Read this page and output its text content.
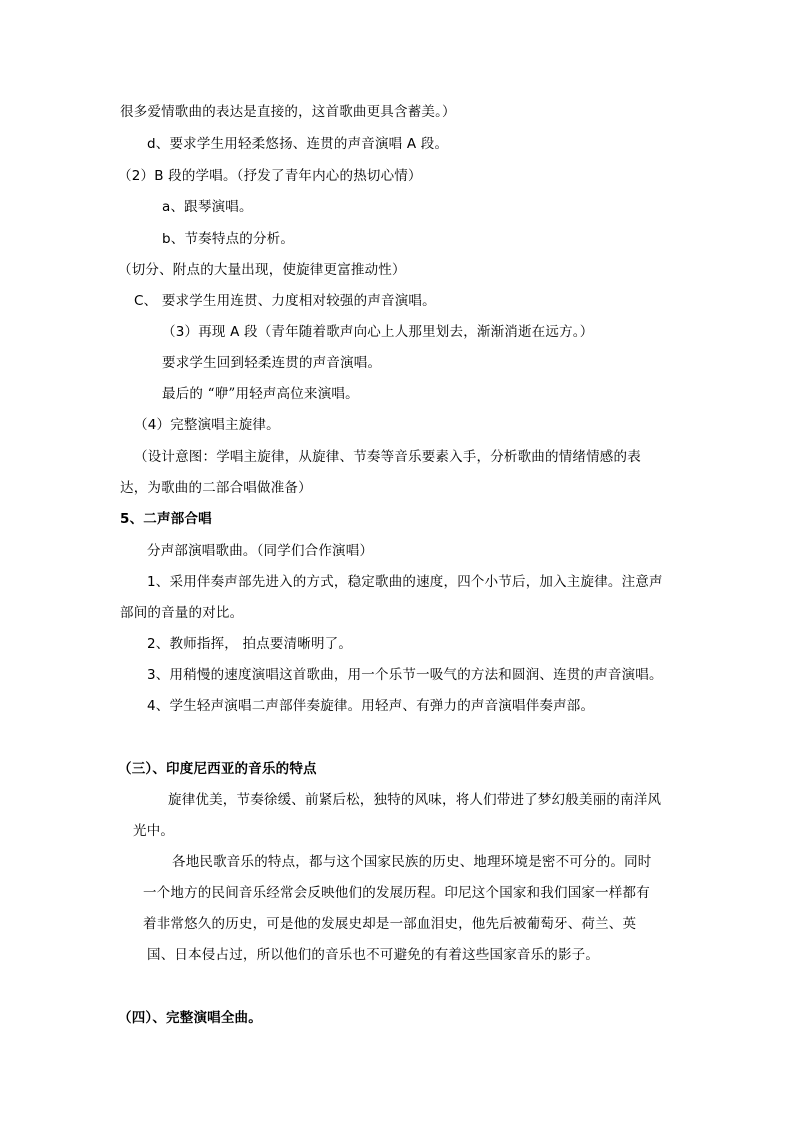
很多爱情歌曲的表达是直接的，这首歌曲更具含蓄美。）
d、要求学生用轻柔悠扬、连贯的声音演唱 A 段。
（2）B 段的学唱。（抒发了青年内心的热切心情）
a、跟琴演唱。
b、节奏特点的分析。
（切分、附点的大量出现，使旋律更富推动性）
C、 要求学生用连贯、力度相对较强的声音演唱。
（3）再现 A 段（青年随着歌声向心上人那里划去，渐渐消逝在远方。）
要求学生回到轻柔连贯的声音演唱。
最后的 “咿”用轻声高位来演唱。
（4）完整演唱主旋律。
（设计意图：学唱主旋律，从旋律、节奏等音乐要素入手，分析歌曲的情绪情感的表
达，为歌曲的二部合唱做准备）
5、二声部合唱
分声部演唱歌曲。（同学们合作演唱）
1、采用伴奏声部先进入的方式，稳定歌曲的速度，四个小节后，加入主旋律。注意声
部间的音量的对比。
2、教师指挥， 拍点要清晰明了。
3、用稍慢的速度演唱这首歌曲，用一个乐节一吸气的方法和圆润、连贯的声音演唱。
4、学生轻声演唱二声部伴奏旋律。用轻声、有弹力的声音演唱伴奏声部。
（三）、印度尼西亚的音乐的特点
旋律优美，节奏徐缓、前紧后松，独特的风味，将人们带进了梦幻般美丽的南洋风
光中。
各地民歌音乐的特点，都与这个国家民族的历史、地理环境是密不可分的。同时
一个地方的民间音乐经常会反映他们的发展历程。印尼这个国家和我们国家一样都有
着非常悠久的历史，可是他的发展史却是一部血泪史，他先后被葡萄牙、荷兰、英
国、日本侵占过，所以他们的音乐也不可避免的有着这些国家音乐的影子。
（四）、完整演唱全曲。
